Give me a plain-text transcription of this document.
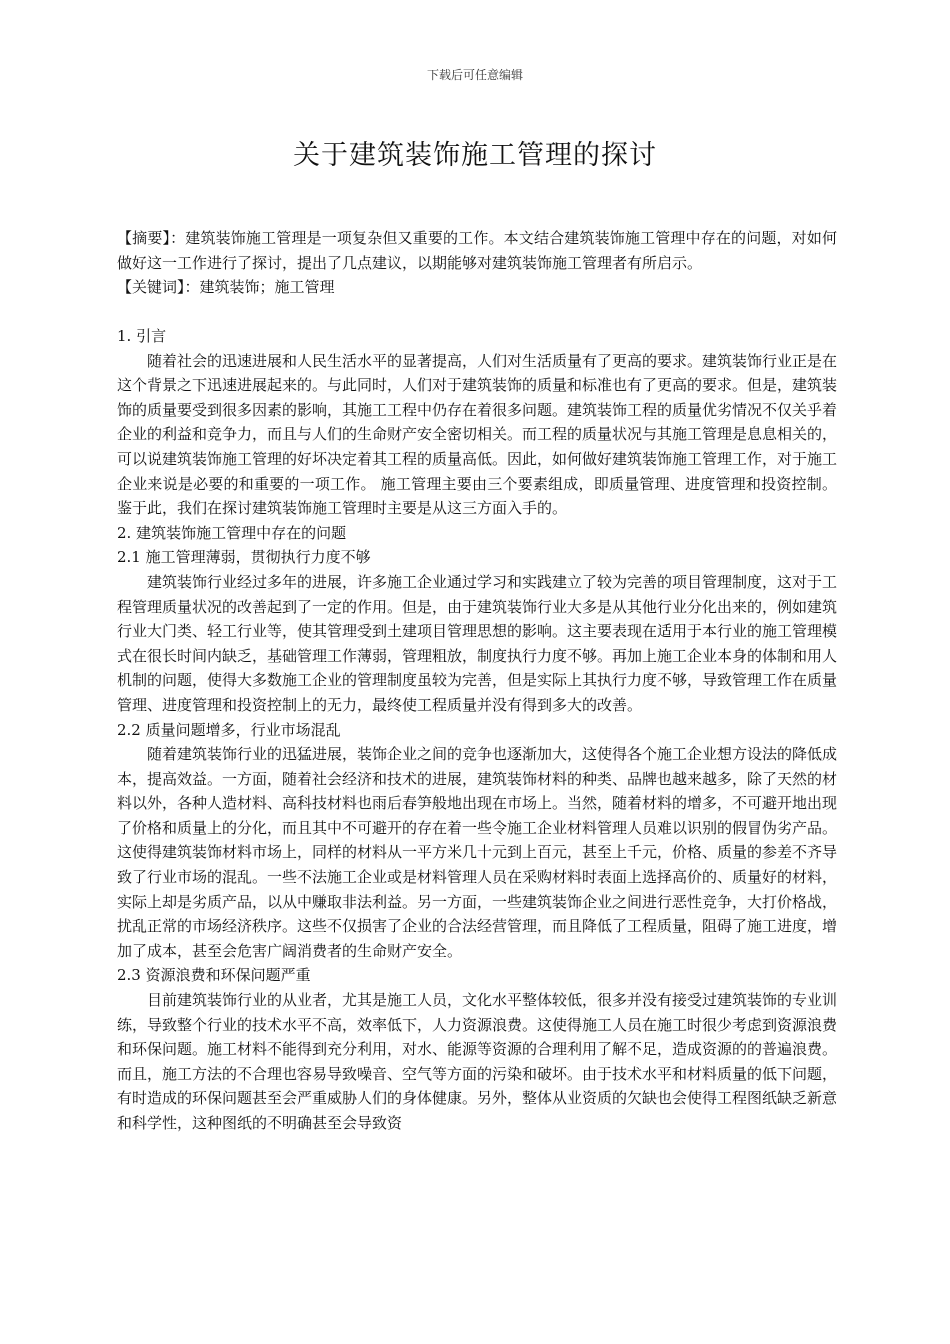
下载后可任意编辑
关于建筑装饰施工管理的探讨

【摘要】：建筑装饰施工管理是一项复杂但又重要的工作。本文结合建筑装饰施工管理中存在的问题，对如何做好这一工作进行了探讨，提出了几点建议，以期能够对建筑装饰施工管理者有所启示。

【关键词】：建筑装饰；施工管理

1. 引言

随着社会的迅速进展和人民生活水平的显著提高，人们对生活质量有了更高的要求。建筑装饰行业正是在这个背景之下迅速进展起来的。与此同时，人们对于建筑装饰的质量和标准也有了更高的要求。但是，建筑装饰的质量要受到很多因素的影响，其施工工程中仍存在着很多问题。建筑装饰工程的质量优劣情况不仅关乎着企业的利益和竞争力，而且与人们的生命财产安全密切相关。而工程的质量状况与其施工管理是息息相关的，可以说建筑装饰施工管理的好坏决定着其工程的质量高低。因此，如何做好建筑装饰施工管理工作，对于施工企业来说是必要的和重要的一项工作。 施工管理主要由三个要素组成，即质量管理、进度管理和投资控制。鉴于此，我们在探讨建筑装饰施工管理时主要是从这三方面入手的。

2. 建筑装饰施工管理中存在的问题

2.1 施工管理薄弱，贯彻执行力度不够

建筑装饰行业经过多年的进展，许多施工企业通过学习和实践建立了较为完善的项目管理制度，这对于工程管理质量状况的改善起到了一定的作用。但是，由于建筑装饰行业大多是从其他行业分化出来的，例如建筑行业大门类、轻工行业等，使其管理受到土建项目管理思想的影响。这主要表现在适用于本行业的施工管理模式在很长时间内缺乏，基础管理工作薄弱，管理粗放，制度执行力度不够。再加上施工企业本身的体制和用人机制的问题，使得大多数施工企业的管理制度虽较为完善，但是实际上其执行力度不够，导致管理工作在质量管理、进度管理和投资控制上的无力，最终使工程质量并没有得到多大的改善。

2.2 质量问题增多，行业市场混乱

随着建筑装饰行业的迅猛进展，装饰企业之间的竞争也逐渐加大，这使得各个施工企业想方设法的降低成本，提高效益。一方面，随着社会经济和技术的进展，建筑装饰材料的种类、品牌也越来越多，除了天然的材料以外，各种人造材料、高科技材料也雨后春笋般地出现在市场上。当然，随着材料的增多，不可避开地出现了价格和质量上的分化，而且其中不可避开的存在着一些令施工企业材料管理人员难以识别的假冒伪劣产品。这使得建筑装饰材料市场上，同样的材料从一平方米几十元到上百元，甚至上千元，价格、质量的参差不齐导致了行业市场的混乱。一些不法施工企业或是材料管理人员在采购材料时表面上选择高价的、质量好的材料，实际上却是劣质产品，以从中赚取非法利益。另一方面，一些建筑装饰企业之间进行恶性竞争，大打价格战，扰乱正常的市场经济秩序。这些不仅损害了企业的合法经营管理，而且降低了工程质量，阻碍了施工进度，增加了成本，甚至会危害广阔消费者的生命财产安全。

2.3 资源浪费和环保问题严重

目前建筑装饰行业的从业者，尤其是施工人员，文化水平整体较低，很多并没有接受过建筑装饰的专业训练，导致整个行业的技术水平不高，效率低下，人力资源浪费。这使得施工人员在施工时很少考虑到资源浪费和环保问题。施工材料不能得到充分利用，对水、能源等资源的合理利用了解不足，造成资源的的普遍浪费。而且，施工方法的不合理也容易导致噪音、空气等方面的污染和破坏。由于技术水平和材料质量的低下问题，有时造成的环保问题甚至会严重威胁人们的身体健康。另外，整体从业资质的欠缺也会使得工程图纸缺乏新意和科学性，这种图纸的不明确甚至会导致资
